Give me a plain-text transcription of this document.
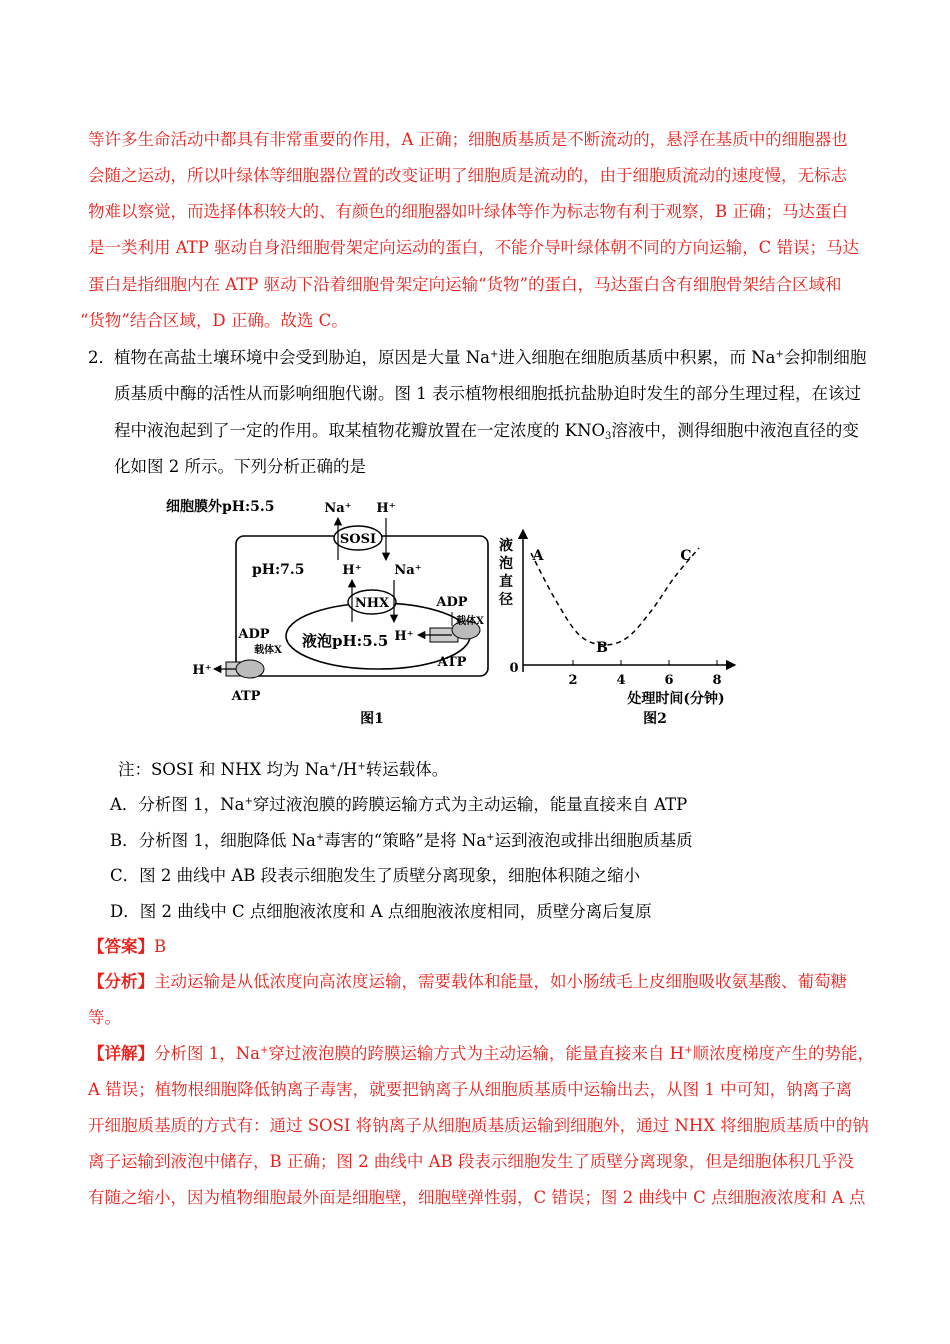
等许多生命活动中都具有非常重要的作用，A 正确；细胞质基质是不断流动的，悬浮在基质中的细胞器也
会随之运动，所以叶绿体等细胞器位置的改变证明了细胞质是流动的，由于细胞质流动的速度慢，无标志
物难以察觉，而选择体积较大的、有颜色的细胞器如叶绿体等作为标志物有利于观察，B 正确；马达蛋白
是一类利用 ATP 驱动自身沿细胞骨架定向运动的蛋白，不能介导叶绿体朝不同的方向运输，C 错误；马达
蛋白是指细胞内在 ATP 驱动下沿着细胞骨架定向运输“货物”的蛋白，马达蛋白含有细胞骨架结合区域和
“货物”结合区域，D 正确。故选 C。
2． 植物在高盐土壤环境中会受到胁迫，原因是大量 Na+进入细胞在细胞质基质中积累，而 Na+会抑制细胞
质基质中酶的活性从而影响细胞代谢。图 1 表示植物根细胞抵抗盐胁迫时发生的部分生理过程，在该过
程中液泡起到了一定的作用。取某植物花瓣放置在一定浓度的 $KNO_3$溶液中，测得细胞中液泡直径的变
化如图 2 所示。下列分析正确的是
细胞膜外pH:5.5
pH:7.5
SOSI
Na⁺ H⁺
液泡pH:5.5
NHX
H⁺	Na⁺
ADP
ATP
载体X
H⁺
ADP
载体X
H⁺
ATP
图1
液
泡
直
径
0
2	4	6	8
处理时间(分钟)
A
B
C
图2
注：SOSI 和 NHX 均为 Na+/H+转运载体。
A．分析图 1，Na+穿过液泡膜的跨膜运输方式为主动运输，能量直接来自 ATP
B．分析图 1，细胞降低 Na+毒害的“策略”是将 Na+运到液泡或排出细胞质基质
C．图 2 曲线中 AB 段表示细胞发生了质壁分离现象，细胞体积随之缩小
D．图 2 曲线中 C 点细胞液浓度和 A 点细胞液浓度相同，质壁分离后复原
【答案】B
【分析】主动运输是从低浓度向高浓度运输，需要载体和能量，如小肠绒毛上皮细胞吸收氨基酸、葡萄糖
等。
【详解】分析图 1，Na+穿过液泡膜的跨膜运输方式为主动运输，能量直接来自 H+顺浓度梯度产生的势能，
A 错误；植物根细胞降低钠离子毒害，就要把钠离子从细胞质基质中运输出去，从图 1 中可知，钠离子离
开细胞质基质的方式有：通过 SOSI 将钠离子从细胞质基质运输到细胞外，通过 NHX 将细胞质基质中的钠
离子运输到液泡中储存，B 正确；图 2 曲线中 AB 段表示细胞发生了质壁分离现象，但是细胞体积几乎没
有随之缩小，因为植物细胞最外面是细胞壁，细胞壁弹性弱，C 错误；图 2 曲线中 C 点细胞液浓度和 A 点
